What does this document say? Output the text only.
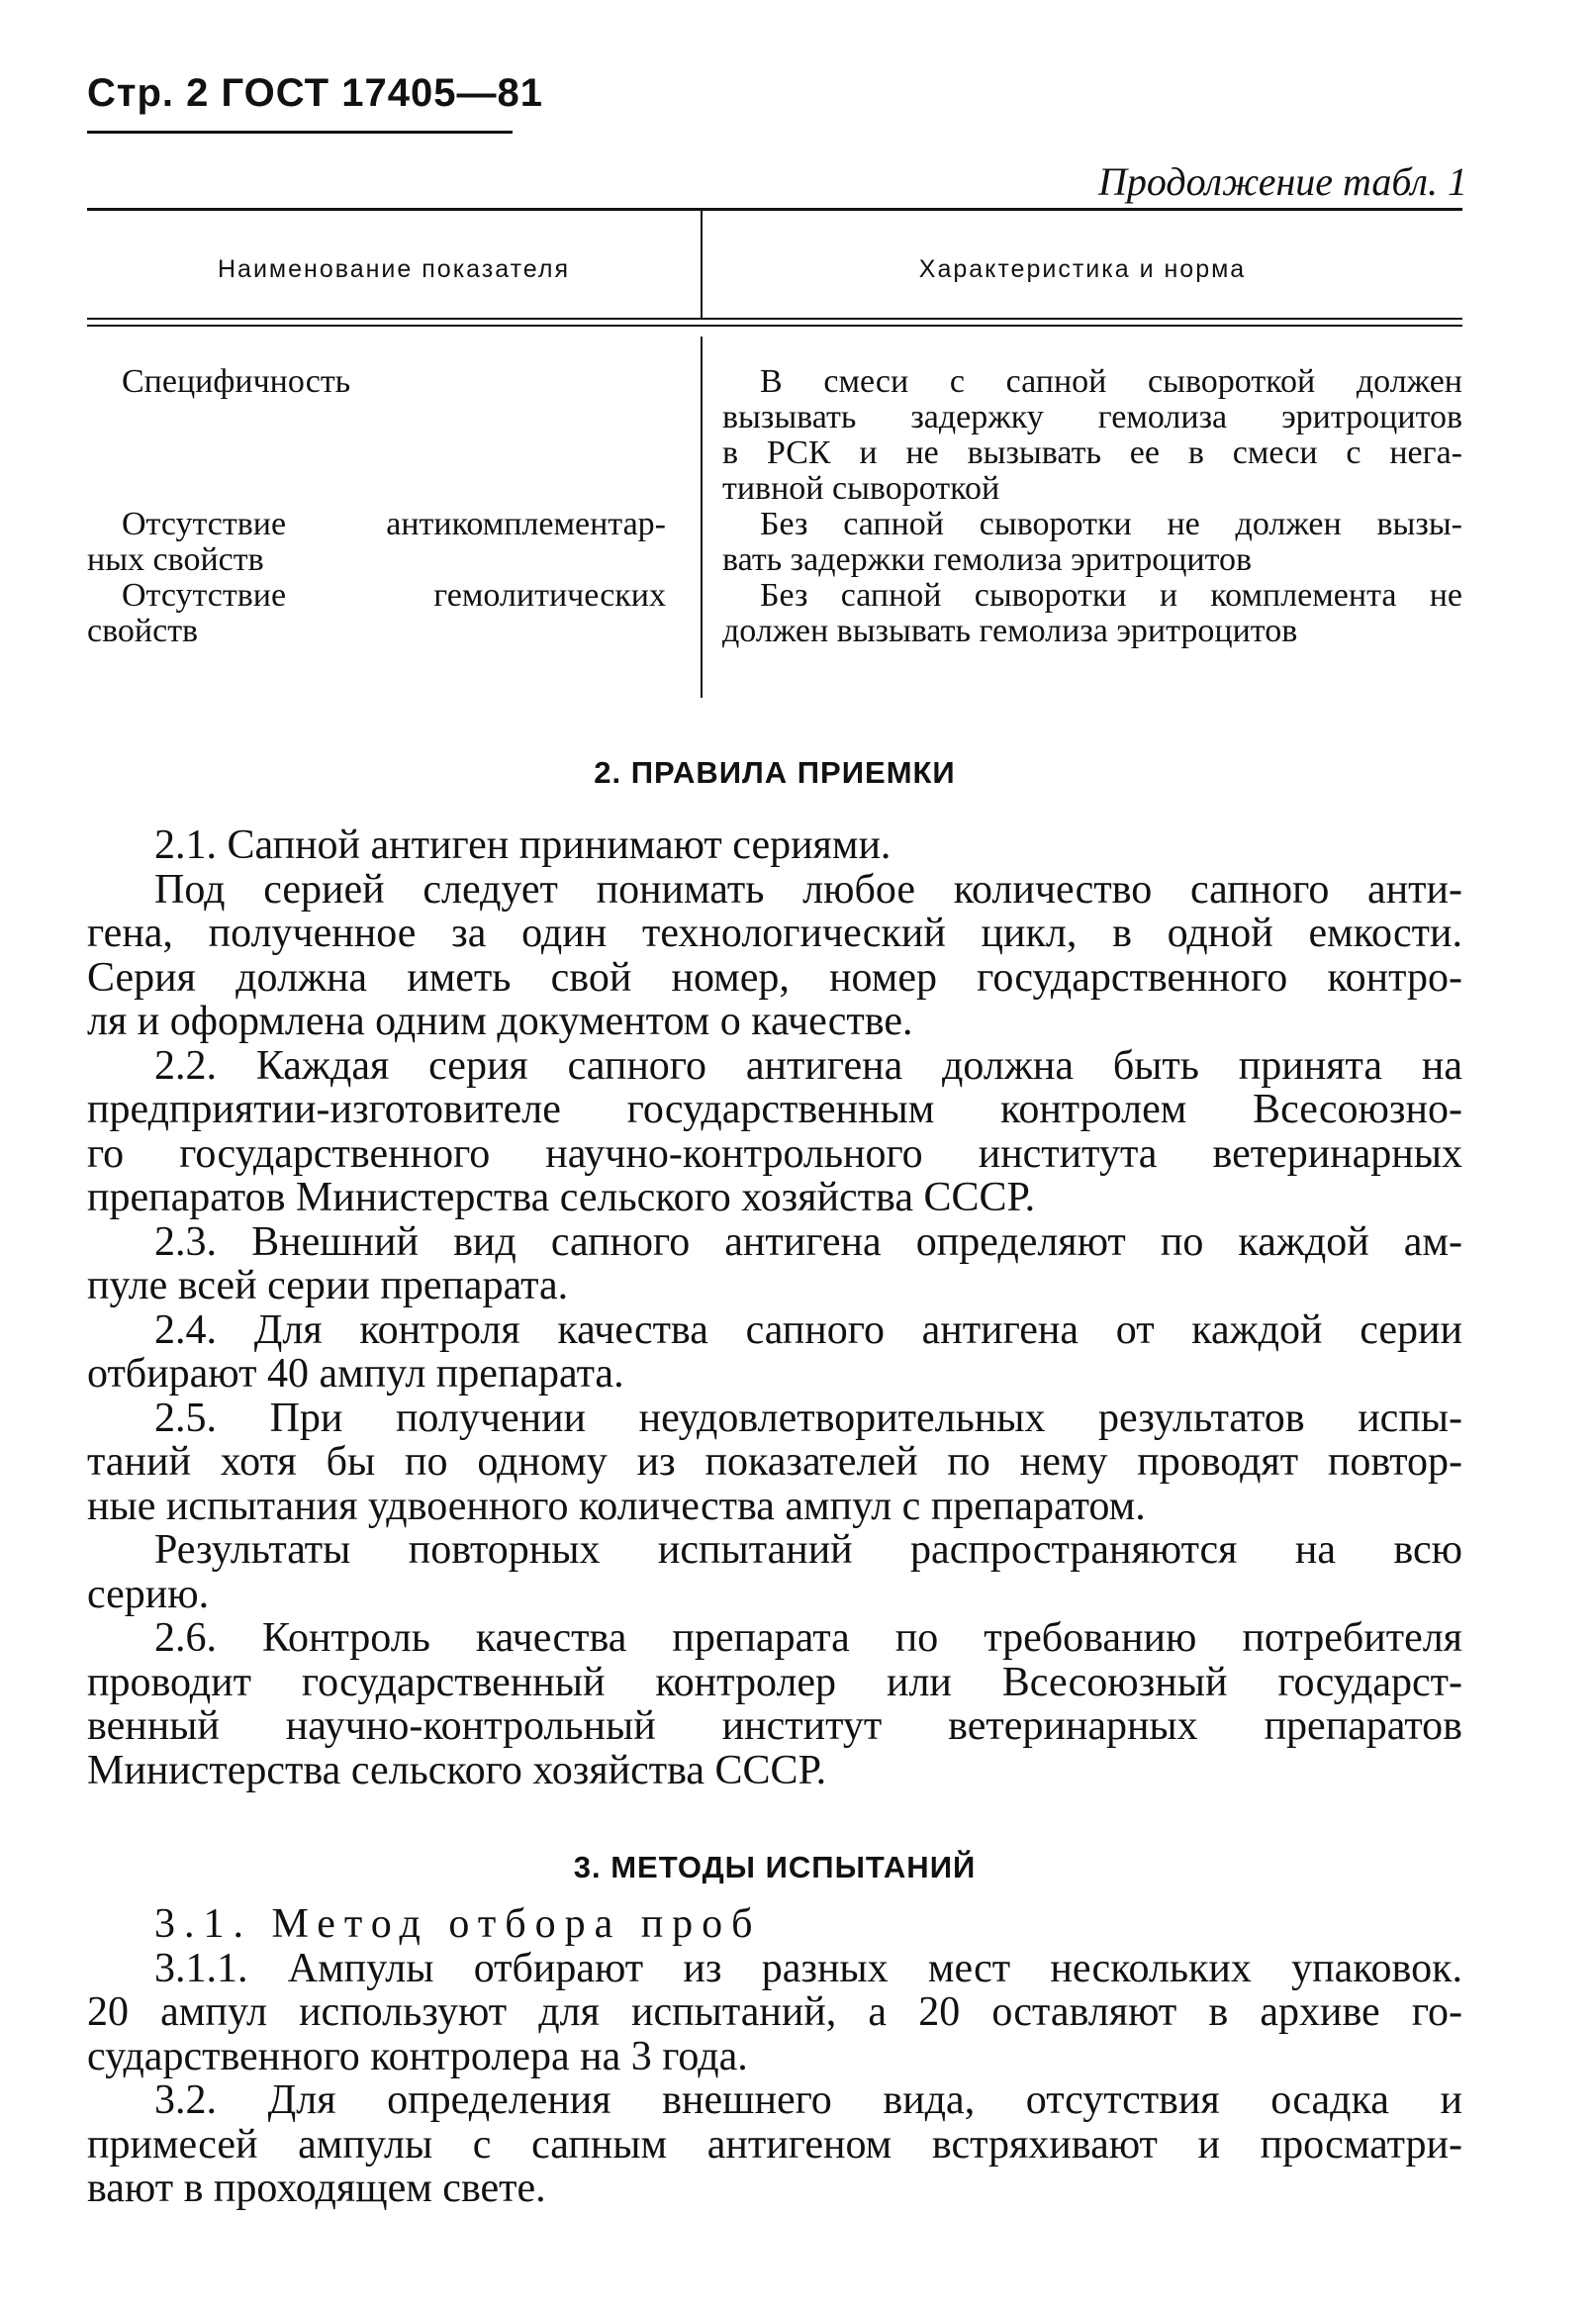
Стр. 2 ГОСТ 17405—81
Продолжение табл. 1
Наименование показателя	Характеристика и норма
Специфичность	В смеси с сапной сывороткой должен
вызывать задержку гемолиза эритроцитов
в РСК и не вызывать ее в смеси с нега-
тивной сывороткой
Отсутствие антикомплементар-
ных свойств
Без сапной сыворотки не должен вызы-
вать задержки гемолиза эритроцитов
Отсутствие гемолитических
свойств
Без сапной сыворотки и комплемента не
должен вызывать гемолиза эритроцитов
2. ПРАВИЛА ПРИЕМКИ
2.1. Сапной антиген принимают сериями.
Под серией следует понимать любое количество сапного анти-
гена, полученное за один технологический цикл, в одной емкости.
Серия должна иметь свой номер, номер государственного контро-
ля и оформлена одним документом о качестве.
2.2. Каждая серия сапного антигена должна быть принята на
предприятии-изготовителе государственным контролем Всесоюзно-
го государственного научно-контрольного института ветеринарных
препаратов Министерства сельского хозяйства СССР.
2.3. Внешний вид сапного антигена определяют по каждой ам-
пуле всей серии препарата.
2.4. Для контроля качества сапного антигена от каждой серии
отбирают 40 ампул препарата.
2.5. При получении неудовлетворительных результатов испы-
таний хотя бы по одному из показателей по нему проводят повтор-
ные испытания удвоенного количества ампул с препаратом.
Результаты повторных испытаний распространяются на всю
серию.
2.6. Контроль качества препарата по требованию потребителя
проводит государственный контролер или Всесоюзный государст-
венный научно-контрольный институт ветеринарных препаратов
Министерства сельского хозяйства СССР.
3. МЕТОДЫ ИСПЫТАНИЙ
3.1. Метод отбора проб
3.1.1. Ампулы отбирают из разных мест нескольких упаковок.
20 ампул используют для испытаний, а 20 оставляют в архиве го-
сударственного контролера на 3 года.
3.2. Для определения внешнего вида, отсутствия осадка и
примесей ампулы с сапным антигеном встряхивают и просматри-
вают в проходящем свете.
